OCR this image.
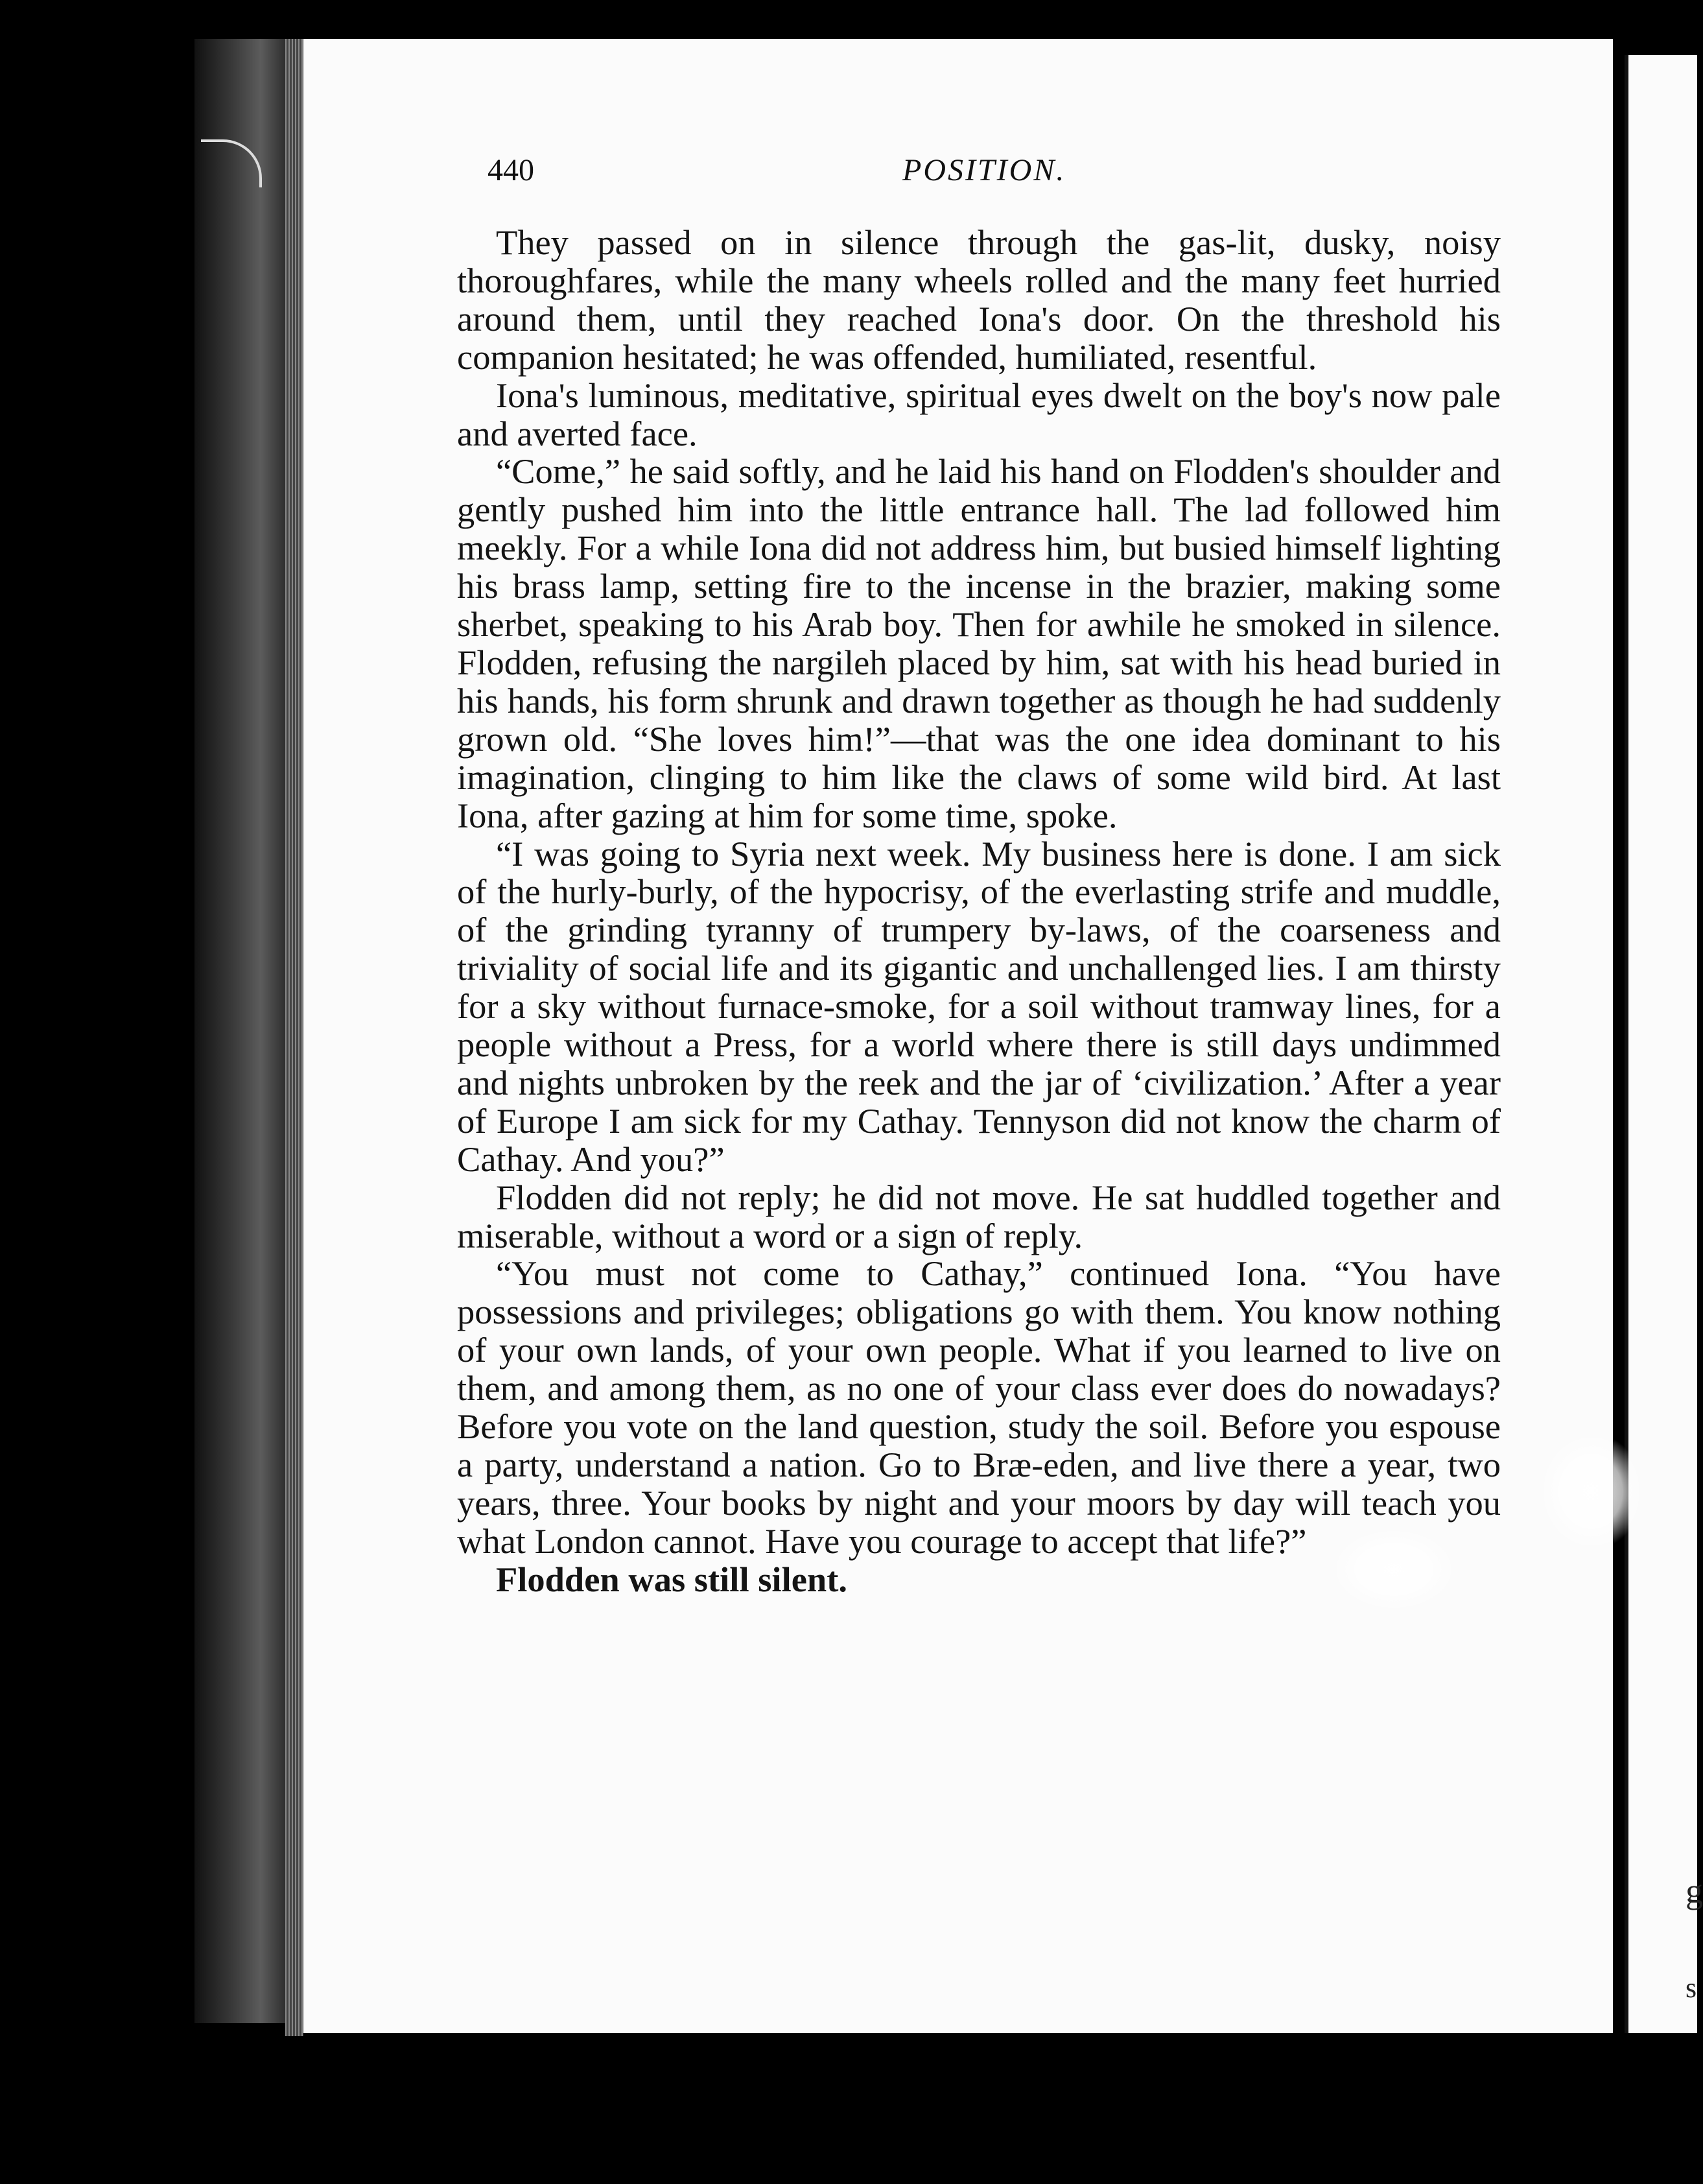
g
s
440	POSITION.

They passed on in silence through the gas-lit, dusky, noisy thoroughfares, while the many wheels rolled and the many feet hurried around them, until they reached Iona's door. On the threshold his companion hesitated; he was offended, humiliated, resentful.

Iona's luminous, meditative, spiritual eyes dwelt on the boy's now pale and averted face.

“Come,” he said softly, and he laid his hand on Flodden's shoulder and gently pushed him into the little entrance hall. The lad followed him meekly. For a while Iona did not address him, but busied himself lighting his brass lamp, setting fire to the incense in the brazier, making some sherbet, speaking to his Arab boy. Then for awhile he smoked in silence. Flodden, refusing the nargileh placed by him, sat with his head buried in his hands, his form shrunk and drawn together as though he had suddenly grown old. “She loves him!”—that was the one idea dominant to his imagination, clinging to him like the claws of some wild bird. At last Iona, after gazing at him for some time, spoke.

“I was going to Syria next week. My business here is done. I am sick of the hurly-burly, of the hypocrisy, of the everlasting strife and muddle, of the grinding tyranny of trumpery by-laws, of the coarseness and triviality of social life and its gigantic and unchallenged lies. I am thirsty for a sky without furnace-smoke, for a soil without tramway lines, for a people without a Press, for a world where there is still days undimmed and nights unbroken by the reek and the jar of ‘civilization.’ After a year of Europe I am sick for my Cathay. Tennyson did not know the charm of Cathay. And you?”

Flodden did not reply; he did not move. He sat huddled together and miserable, without a word or a sign of reply.

“You must not come to Cathay,” continued Iona. “You have possessions and privileges; obligations go with them. You know nothing of your own lands, of your own people. What if you learned to live on them, and among them, as no one of your class ever does do nowadays? Before you vote on the land question, study the soil. Before you espouse a party, understand a nation. Go to Bræ-eden, and live there a year, two years, three. Your books by night and your moors by day will teach you what London cannot. Have you courage to accept that life?”

Flodden was still silent.
